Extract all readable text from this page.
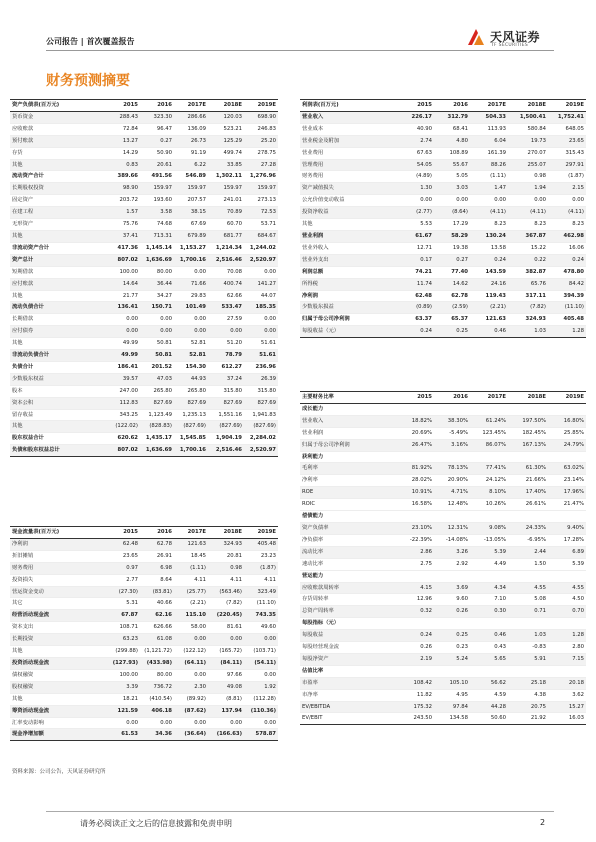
公司报告 | 首次覆盖报告	天风证券
TF SECURITIES
财务预测摘要
资产负债表(百万元)	2015	2016	2017E	2018E	2019E
货币资金	288.43	323.30	286.66	120.03	698.90
应收账款	72.84	96.47	136.09	523.21	246.83
预付账款	13.27	0.27	26.73	125.29	25.20
存货	14.29	50.90	91.19	499.74	278.75
其他	0.83	20.61	6.22	33.85	27.28
流动资产合计	389.66	491.56	546.89	1,302.11	1,276.96
长期股权投资	98.90	159.97	159.97	159.97	159.97
固定资产	203.72	193.60	207.57	241.01	273.13
在建工程	1.57	3.58	38.15	70.89	72.53
无形资产	75.76	74.68	67.69	60.70	53.71
其他	37.41	713.31	679.89	681.77	684.67
非流动资产合计	417.36	1,145.14	1,153.27	1,214.34	1,244.02
资产总计	807.02	1,636.69	1,700.16	2,516.46	2,520.97
短期借款	100.00	80.00	0.00	70.08	0.00
应付账款	14.64	36.44	71.66	400.74	141.27
其他	21.77	34.27	29.83	62.66	44.07
流动负债合计	136.41	150.71	101.49	533.47	185.35
长期借款	0.00	0.00	0.00	27.59	0.00
应付债券	0.00	0.00	0.00	0.00	0.00
其他	49.99	50.81	52.81	51.20	51.61
非流动负债合计	49.99	50.81	52.81	78.79	51.61
负债合计	186.41	201.52	154.30	612.27	236.96
少数股东权益	39.57	47.03	44.93	37.24	26.39
股本	247.00	265.80	265.80	315.80	315.80
资本公积	112.83	827.69	827.69	827.69	827.69
留存收益	343.25	1,123.49	1,235.13	1,551.16	1,941.83
其他	(122.02)	(828.83)	(827.69)	(827.69)	(827.69)
股东权益合计	620.62	1,435.17	1,545.85	1,904.19	2,284.02
负债和股东权益总计	807.02	1,636.69	1,700.16	2,516.46	2,520.97
利润表(百万元)	2015	2016	2017E	2018E	2019E
营业收入	226.17	312.79	504.33	1,500.41	1,752.41
营业成本	40.90	68.41	113.93	580.84	648.05
营业税金及附加	2.74	4.80	6.04	19.73	23.65
营业费用	67.63	108.89	161.39	270.07	315.43
管理费用	54.05	55.67	88.26	255.07	297.91
财务费用	(4.89)	5.05	(1.11)	0.98	(1.87)
资产减值损失	1.30	3.03	1.47	1.94	2.15
公允价值变动收益	0.00	0.00	0.00	0.00	0.00
投资净收益	(2.77)	(8.64)	(4.11)	(4.11)	(4.11)
其他	5.53	17.29	8.23	8.23	8.23
营业利润	61.67	58.29	130.24	367.87	462.98
营业外收入	12.71	19.38	13.58	15.22	16.06
营业外支出	0.17	0.27	0.24	0.22	0.24
利润总额	74.21	77.40	143.59	382.87	478.80
所得税	11.74	14.62	24.16	65.76	84.42
净利润	62.48	62.78	119.43	317.11	394.39
少数股东损益	(0.89)	(2.59)	(2.21)	(7.82)	(11.10)
归属于母公司净利润	63.37	65.37	121.63	324.93	405.48
每股收益（元）	0.24	0.25	0.46	1.03	1.28
现金流量表(百万元)	2015	2016	2017E	2018E	2019E
净利润	62.48	62.78	121.63	324.93	405.48
折旧摊销	23.65	26.91	18.45	20.81	23.23
财务费用	0.97	6.98	(1.11)	0.98	(1.87)
投资损失	2.77	8.64	4.11	4.11	4.11
营运资金变动	(27.30)	(83.81)	(25.77)	(563.46)	323.49
其它	5.31	40.66	(2.21)	(7.82)	(11.10)
经营活动现金流	67.87	62.16	115.10	(220.45)	743.35
资本支出	108.71	626.66	58.00	81.61	49.60
长期投资	63.23	61.08	0.00	0.00	0.00
其他	(299.88)	(1,121.72)	(122.12)	(165.72)	(103.71)
投资活动现金流	(127.93)	(433.98)	(64.11)	(84.11)	(54.11)
债权融资	100.00	80.00	0.00	97.66	0.00
股权融资	3.39	736.72	2.30	49.08	1.92
其他	18.21	(410.54)	(89.92)	(8.81)	(112.28)
筹资活动现金流	121.59	406.18	(87.62)	137.94	(110.36)
汇率变动影响	0.00	0.00	0.00	0.00	0.00
现金净增加额	61.53	34.36	(36.64)	(166.63)	578.87
主要财务比率	2015	2016	2017E	2018E	2019E
成长能力					
营业收入	18.82%	38.30%	61.24%	197.50%	16.80%
营业利润	20.69%	-5.49%	123.45%	182.45%	25.85%
归属于母公司净利润	26.47%	3.16%	86.07%	167.13%	24.79%
获利能力					
毛利率	81.92%	78.13%	77.41%	61.30%	63.02%
净利率	28.02%	20.90%	24.12%	21.66%	23.14%
ROE	10.91%	4.71%	8.10%	17.40%	17.96%
ROIC	16.58%	12.48%	10.26%	26.61%	21.47%
偿债能力					
资产负债率	23.10%	12.31%	9.08%	24.33%	9.40%
净负债率	-22.39%	-14.08%	-13.05%	-6.95%	17.28%
流动比率	2.86	3.26	5.39	2.44	6.89
速动比率	2.75	2.92	4.49	1.50	5.39
营运能力					
应收账款周转率	4.15	3.69	4.34	4.55	4.55
存货周转率	12.96	9.60	7.10	5.08	4.50
总资产周转率	0.32	0.26	0.30	0.71	0.70
每股指标（元）					
每股收益	0.24	0.25	0.46	1.03	1.28
每股经营现金流	0.26	0.23	0.43	-0.83	2.80
每股净资产	2.19	5.24	5.65	5.91	7.15
估值比率					
市盈率	108.42	105.10	56.62	25.18	20.18
市净率	11.82	4.95	4.59	4.38	3.62
EV/EBITDA	175.32	97.84	44.28	20.75	15.27
EV/EBIT	243.50	134.58	50.60	21.92	16.03
资料来源：公司公告，天风证券研究所
请务必阅读正文之后的信息披露和免责申明	2
